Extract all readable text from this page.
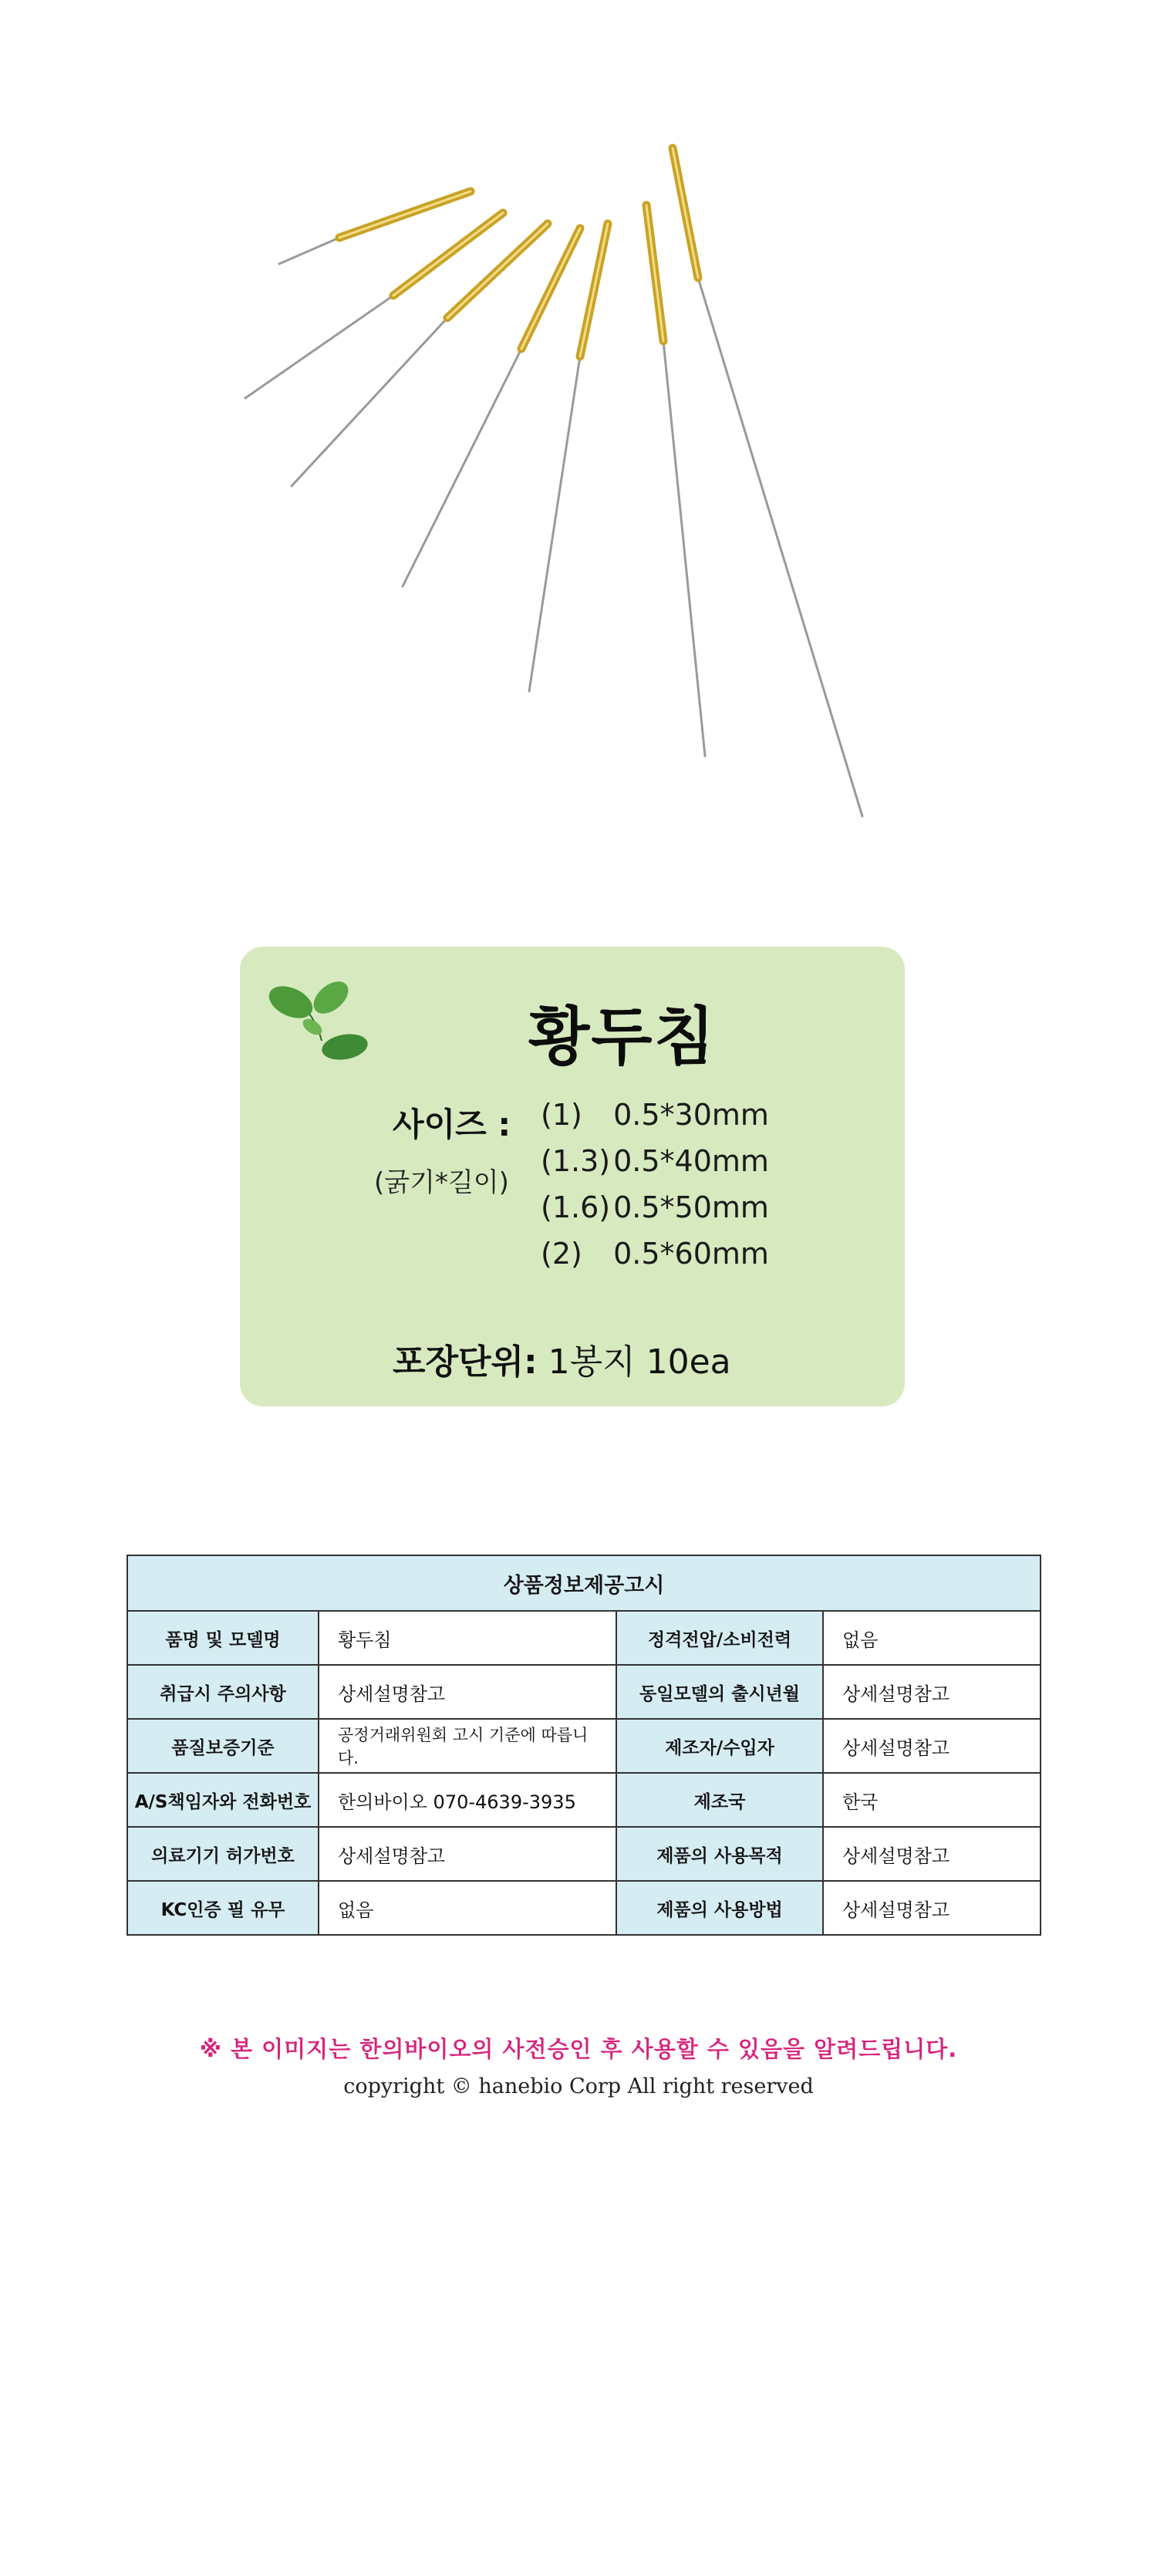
황두침
사이즈 :
(굵기*길이)
(1) 0.5*30mm
(1.3) 0.5*40mm
(1.6) 0.5*50mm
(2) 0.5*60mm
포장단위: 1봉지 10ea
상품정보제공고시			
품명 및 모델명	황두침	정격전압/소비전력	없음
취급시 주의사항	상세설명참고	동일모델의 출시년월	상세설명참고
품질보증기준	공정거래위원회 고시 기준에 따릅니다.	제조자/수입자	상세설명참고
A/S책임자와 전화번호	한의바이오 070-4639-3935	제조국	한국
의료기기 허가번호	상세설명참고	제품의 사용목적	상세설명참고
KC인증 필 유무	없음	제품의 사용방법	상세설명참고
※ 본 이미지는 한의바이오의 사전승인 후 사용할 수 있음을 알려드립니다.
copyright © hanebio Corp All right reserved
